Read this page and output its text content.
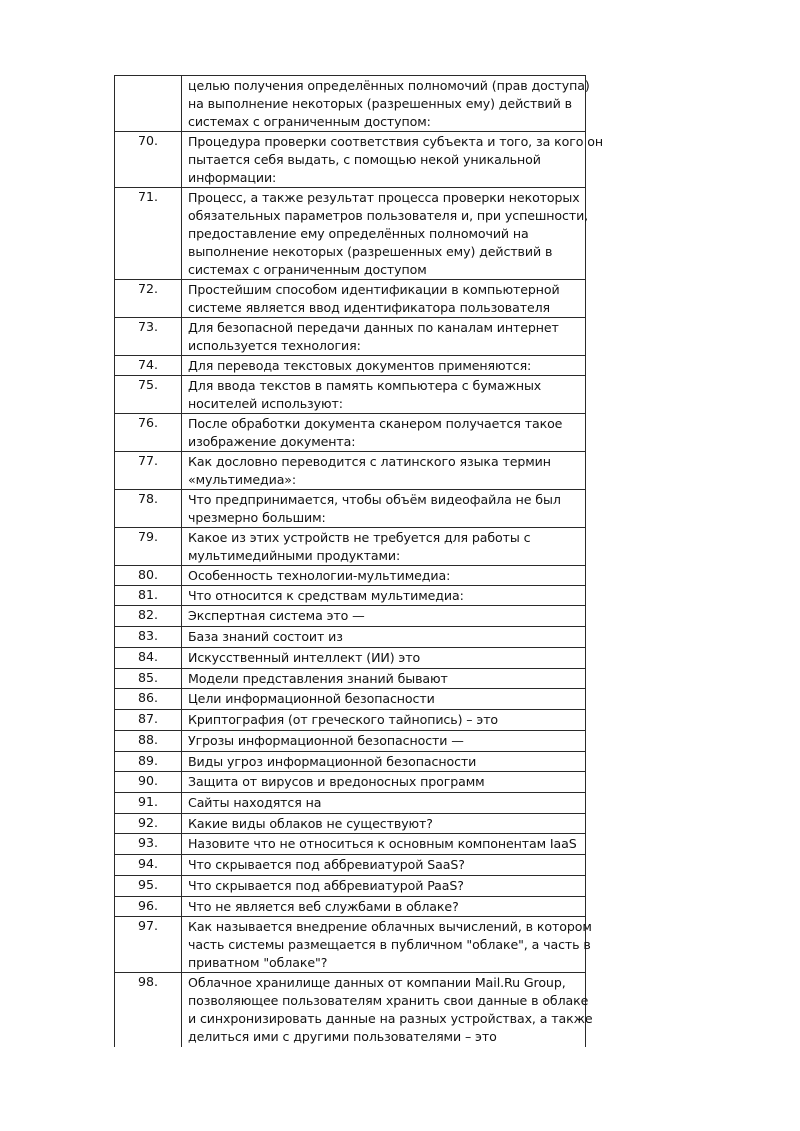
	целью получения определённых полномочий (прав доступа)
на выполнение некоторых (разрешенных ему) действий в
системах с ограниченным доступом:

70.	Процедура проверки соответствия субъекта и того, за кого он
пытается себя выдать, с помощью некой уникальной
информации:

71.	Процесс, а также результат процесса проверки некоторых
обязательных параметров пользователя и, при успешности,
предоставление ему определённых полномочий на
выполнение некоторых (разрешенных ему) действий в
системах с ограниченным доступом

72.	Простейшим способом идентификации в компьютерной
системе является ввод идентификатора пользователя

73.	Для безопасной передачи данных по каналам интернет
используется технология:

74.	Для перевода текстовых документов применяются:

75.	Для ввода текстов в память компьютера с бумажных
носителей используют:

76.	После обработки документа сканером получается такое
изображение документа:

77.	Как дословно переводится с латинского языка термин
«мультимедиа»:

78.	Что предпринимается, чтобы объём видеофайла не был
чрезмерно большим:

79.	Какое из этих устройств не требуется для работы с
мультимедийными продуктами:

80.	Особенность технологии-мультимедиа:

81.	Что относится к средствам мультимедиа:

82.	Экспертная система это —

83.	База знаний состоит из

84.	Искусственный интеллект (ИИ) это

85.	Модели представления знаний бывают

86.	Цели информационной безопасности

87.	Криптография (от греческого тайнопись) – это

88.	Угрозы информационной безопасности —

89.	Виды угроз информационной безопасности

90.	Защита от вирусов и вредоносных программ

91.	Сайты находятся на

92.	Какие виды облаков не существуют?

93.	Назовите что не относиться к основным компонентам IaaS

94.	Что скрывается под аббревиатурой SaaS?

95.	Что скрывается под аббревиатурой PaaS?

96.	Что не является веб службами в облаке?

97.	Как называется внедрение облачных вычислений, в котором
часть системы размещается в публичном "облаке", а часть в
приватном "облаке"?

98.	Облачное хранилище данных от компании Mail.Ru Group,
позволяющее пользователям хранить свои данные в облаке
и синхронизировать данные на разных устройствах, а также
делиться ими с другими пользователями – это
